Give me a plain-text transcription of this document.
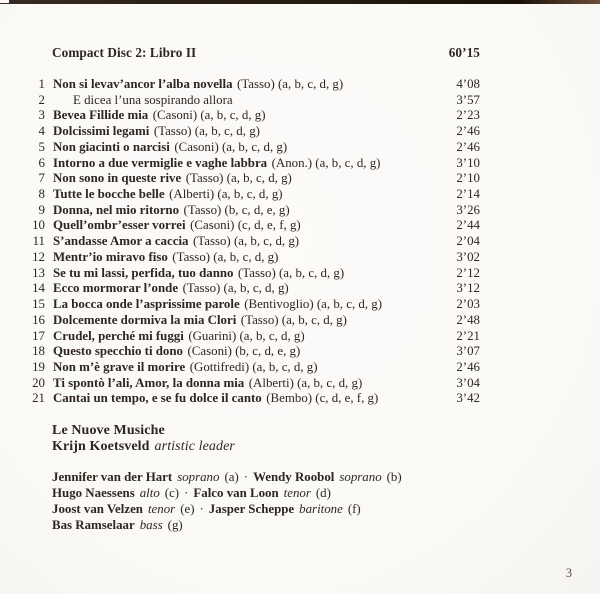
Compact Disc 2: Libro II	60’15
1 Non si levav’ancor l’alba novella (Tasso) (a, b, c, d, g)	4’08
2	E dicea l’una sospirando allora	3’57
3 Bevea Fillide mia (Casoni) (a, b, c, d, g)	2’23
4 Dolcissimi legami (Tasso) (a, b, c, d, g)	2’46
5 Non giacinti o narcisi (Casoni) (a, b, c, d, g)	2’46
6 Intorno a due vermiglie e vaghe labbra (Anon.) (a, b, c, d, g)	3’10
7 Non sono in queste rive (Tasso) (a, b, c, d, g)	2’10
8 Tutte le bocche belle (Alberti) (a, b, c, d, g)	2’14
9 Donna, nel mio ritorno (Tasso) (b, c, d, e, g)	3’26
10 Quell’ombr’esser vorrei (Casoni) (c, d, e, f, g)	2’44
11 S’andasse Amor a caccia (Tasso) (a, b, c, d, g)	2’04
12 Mentr’io miravo fiso (Tasso) (a, b, c, d, g)	3’02
13 Se tu mi lassi, perfida, tuo danno (Tasso) (a, b, c, d, g)	2’12
14 Ecco mormorar l’onde (Tasso) (a, b, c, d, g)	3’12
15 La bocca onde l’asprissime parole (Bentivoglio) (a, b, c, d, g)	2’03
16 Dolcemente dormiva la mia Clori (Tasso) (a, b, c, d, g)	2’48
17 Crudel, perché mi fuggi (Guarini) (a, b, c, d, g)	2’21
18 Questo specchio ti dono (Casoni) (b, c, d, e, g)	3’07
19 Non m’è grave il morire (Gottifredi) (a, b, c, d, g)	2’46
20 Ti spontò l’ali, Amor, la donna mia (Alberti) (a, b, c, d, g)	3’04
21 Cantai un tempo, e se fu dolce il canto (Bembo) (c, d, e, f, g)	3’42
Le Nuove Musiche
Krijn Koetsveld artistic leader
Jennifer van der Hart soprano (a) · Wendy Roobol soprano (b)
Hugo Naessens alto (c) · Falco van Loon tenor (d)
Joost van Velzen tenor (e) · Jasper Scheppe baritone (f)
Bas Ramselaar bass (g)
3
